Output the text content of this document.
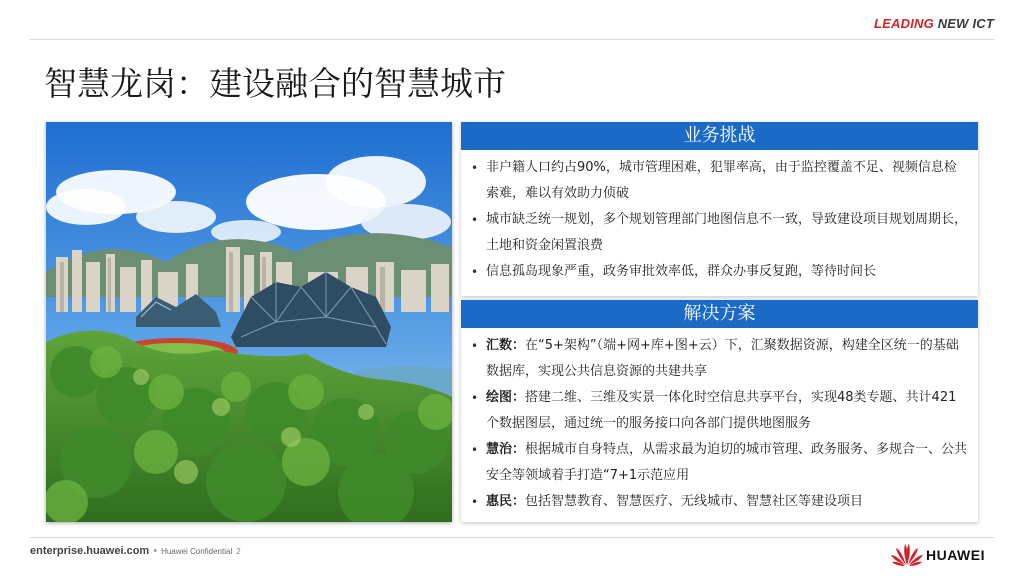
LEADING NEW ICT
智慧龙岗：建设融合的智慧城市
业务挑战
• 非户籍人口约占90%，城市管理困难，犯罪率高，由于监控覆盖不足、视频信息检索难，难以有效助力侦破
• 城市缺乏统一规划，多个规划管理部门地图信息不一致，导致建设项目规划周期长，土地和资金闲置浪费
• 信息孤岛现象严重，政务审批效率低，群众办事反复跑，等待时间长
解决方案
• 汇数：在“5+架构”（端+网+库+图+云）下，汇聚数据资源，构建全区统一的基础数据库，实现公共信息资源的共建共享
• 绘图：搭建二维、三维及实景一体化时空信息共享平台，实现48类专题、共计421个数据图层，通过统一的服务接口向各部门提供地图服务
• 慧治：根据城市自身特点，从需求最为迫切的城市管理、政务服务、多规合一、公共安全等领域着手打造“7+1示范应用
• 惠民：包括智慧教育、智慧医疗、无线城市、智慧社区等建设项目
enterprise.huawei.com • Huawei Confidential 2	HUAWEI
